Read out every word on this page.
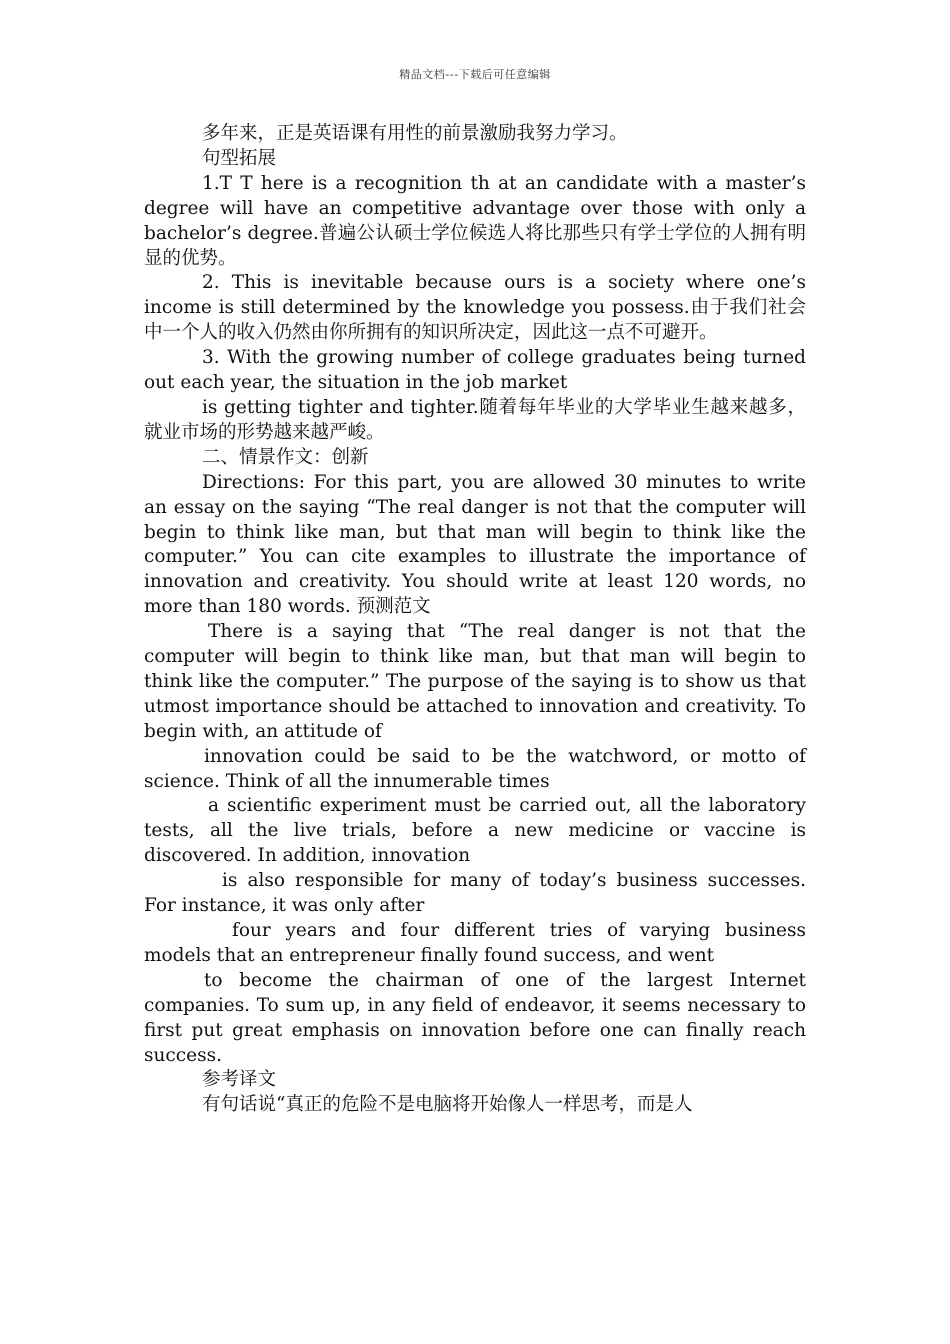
精品文档---下载后可任意编辑

多年来，正是英语课有用性的前景激励我努力学习。

句型拓展

1.T T here is a recognition th at an candidate with a master’s degree will have an competitive advantage over those with only a bachelor’s degree.普遍公认硕士学位候选人将比那些只有学士学位的人拥有明显的优势。

2. This is inevitable because ours is a society where one’s income is still determined by the knowledge you possess.由于我们社会中一个人的收入仍然由你所拥有的知识所决定，因此这一点不可避开。

3. With the growing number of college graduates being turned out each year, the situation in the job market

is getting tighter and tighter.随着每年毕业的大学毕业生越来越多，就业市场的形势越来越严峻。

二、情景作文：创新

Directions: For this part, you are allowed 30 minutes to write an essay on the saying “The real danger is not that the computer will begin to think like man, but that man will begin to think like the computer.” You can cite examples to illustrate the importance of innovation and creativity. You should write at least 120 words, no more than 180 words. 预测范文

There is a saying that “The real danger is not that the computer will begin to think like man, but that man will begin to think like the computer.” The purpose of the saying is to show us that utmost importance should be attached to innovation and creativity. To begin with, an attitude of

innovation could be said to be the watchword, or motto of science. Think of all the innumerable times

a scientific experiment must be carried out, all the laboratory tests, all the live trials, before a new medicine or vaccine is discovered. In addition, innovation

is also responsible for many of today’s business successes. For instance, it was only after

four years and four different tries of varying business models that an entrepreneur finally found success, and went

to become the chairman of one of the largest Internet companies. To sum up, in any field of endeavor, it seems necessary to first put great emphasis on innovation before one can finally reach success.

参考译文

有句话说“真正的危险不是电脑将开始像人一样思考，而是人
